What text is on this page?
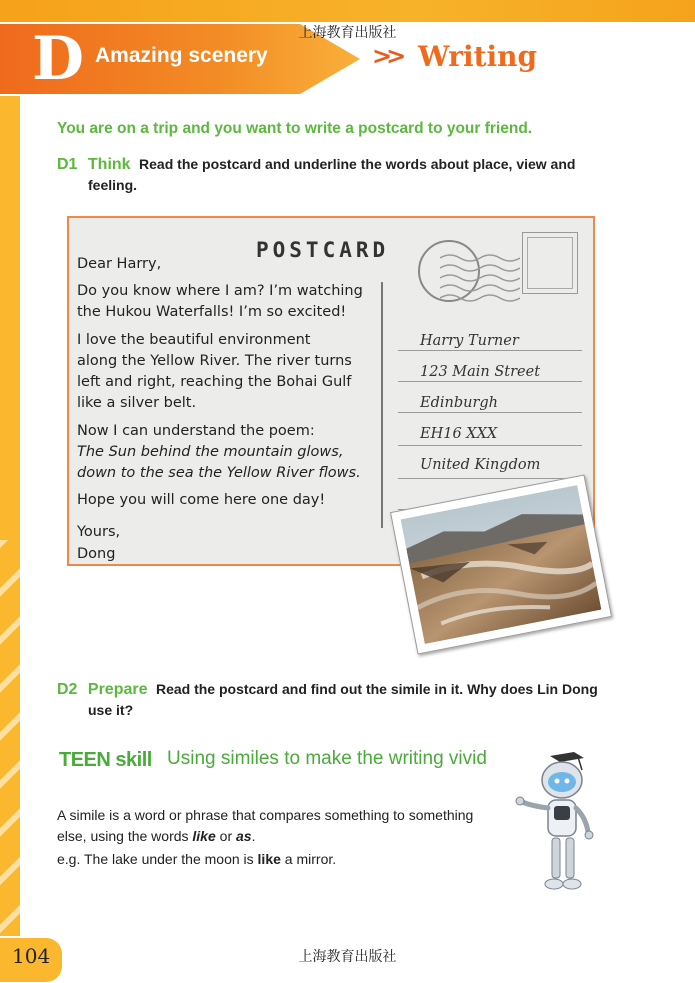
D Amazing scenery
上海教育出版社
>> Writing
You are on a trip and you want to write a postcard to your friend.
D1 Think Read the postcard and underline the words about place, view and
feeling.
POSTCARD
Dear Harry,
Do you know where I am? I’m watching
the Hukou Waterfalls! I’m so excited!
I love the beautiful environment
along the Yellow River. The river turns
left and right, reaching the Bohai Gulf
like a silver belt.
Now I can understand the poem:
The Sun behind the mountain glows,
down to the sea the Yellow River flows.
Hope you will come here one day!
Yours,
Dong
Harry Turner
123 Main Street
Edinburgh
EH16 XXX
United Kingdom
D2 Prepare Read the postcard and find out the simile in it. Why does Lin Dong
use it?
TEEN skill Using similes to make the writing vivid
A simile is a word or phrase that compares something to something
else, using the words like or as.
e.g. The lake under the moon is like a mirror.
104	上海教育出版社
